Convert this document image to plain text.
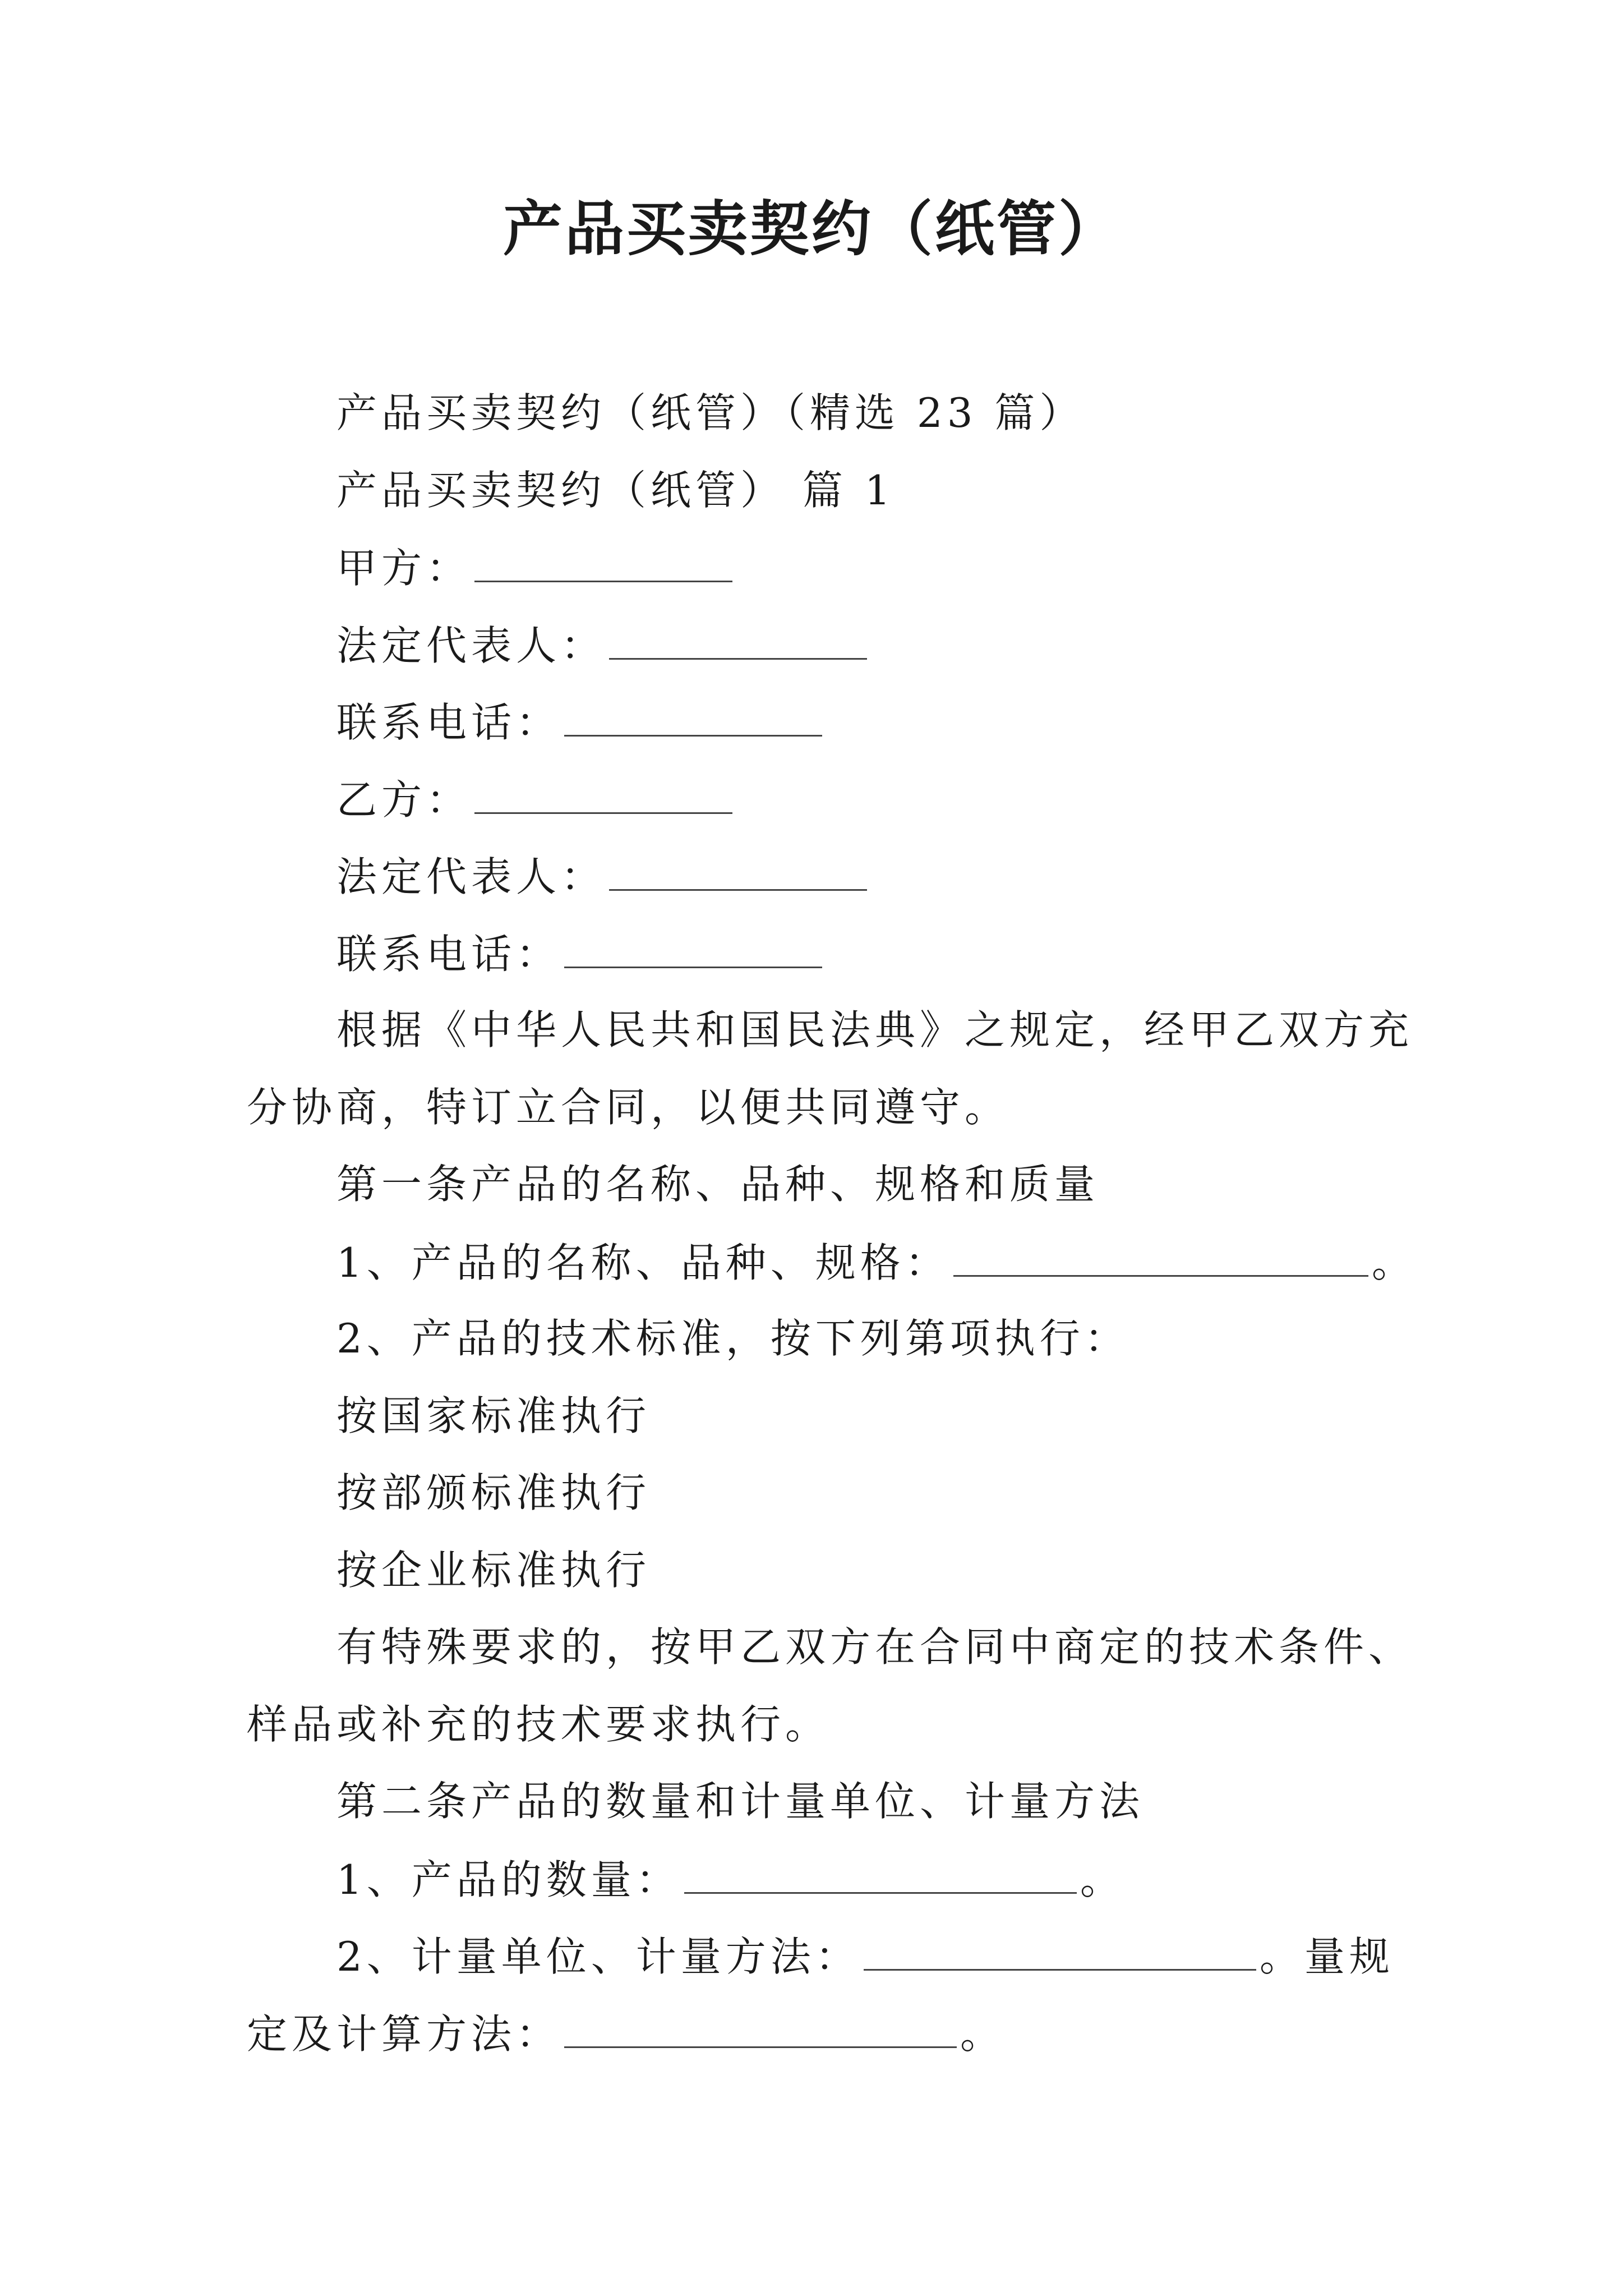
产品买卖契约（纸管）
产品买卖契约（纸管）（精选 23 篇）
产品买卖契约（纸管） 篇 1
甲方：
法定代表人：
联系电话：
乙方：
法定代表人：
联系电话：
根据《中华人民共和国民法典》之规定，经甲乙双方充
分协商，特订立合同，以便共同遵守。
第一条产品的名称、品种、规格和质量
1、产品的名称、品种、规格：	。
2、产品的技术标准，按下列第项执行：
按国家标准执行
按部颁标准执行
按企业标准执行
有特殊要求的，按甲乙双方在合同中商定的技术条件、
样品或补充的技术要求执行。
第二条产品的数量和计量单位、计量方法
1、产品的数量：	。
2、计量单位、计量方法：	。量规
定及计算方法：	。
